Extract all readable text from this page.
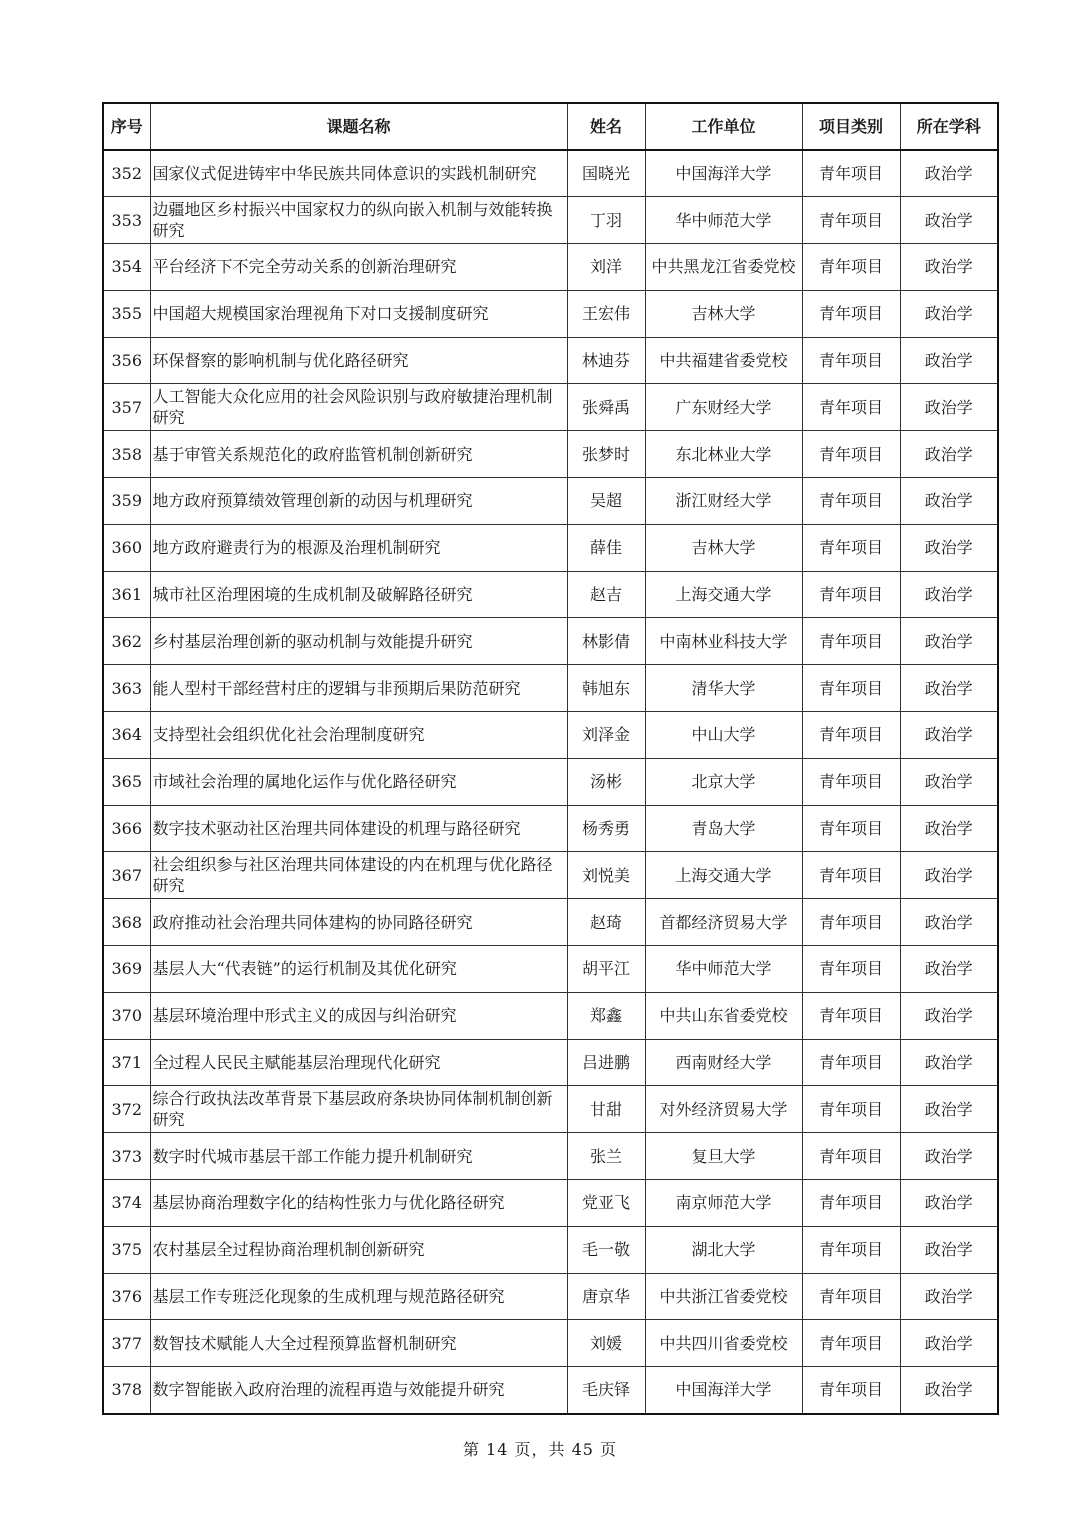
序号	课题名称	姓名	工作单位	项目类别	所在学科
352	国家仪式促进铸牢中华民族共同体意识的实践机制研究	国晓光	中国海洋大学	青年项目	政治学
353	边疆地区乡村振兴中国家权力的纵向嵌入机制与效能转换研究	丁羽	华中师范大学	青年项目	政治学
354	平台经济下不完全劳动关系的创新治理研究	刘洋	中共黑龙江省委党校	青年项目	政治学
355	中国超大规模国家治理视角下对口支援制度研究	王宏伟	吉林大学	青年项目	政治学
356	环保督察的影响机制与优化路径研究	林迪芬	中共福建省委党校	青年项目	政治学
357	人工智能大众化应用的社会风险识别与政府敏捷治理机制研究	张舜禹	广东财经大学	青年项目	政治学
358	基于审管关系规范化的政府监管机制创新研究	张梦时	东北林业大学	青年项目	政治学
359	地方政府预算绩效管理创新的动因与机理研究	吴超	浙江财经大学	青年项目	政治学
360	地方政府避责行为的根源及治理机制研究	薛佳	吉林大学	青年项目	政治学
361	城市社区治理困境的生成机制及破解路径研究	赵吉	上海交通大学	青年项目	政治学
362	乡村基层治理创新的驱动机制与效能提升研究	林影倩	中南林业科技大学	青年项目	政治学
363	能人型村干部经营村庄的逻辑与非预期后果防范研究	韩旭东	清华大学	青年项目	政治学
364	支持型社会组织优化社会治理制度研究	刘泽金	中山大学	青年项目	政治学
365	市域社会治理的属地化运作与优化路径研究	汤彬	北京大学	青年项目	政治学
366	数字技术驱动社区治理共同体建设的机理与路径研究	杨秀勇	青岛大学	青年项目	政治学
367	社会组织参与社区治理共同体建设的内在机理与优化路径研究	刘悦美	上海交通大学	青年项目	政治学
368	政府推动社会治理共同体建构的协同路径研究	赵琦	首都经济贸易大学	青年项目	政治学
369	基层人大“代表链”的运行机制及其优化研究	胡平江	华中师范大学	青年项目	政治学
370	基层环境治理中形式主义的成因与纠治研究	郑鑫	中共山东省委党校	青年项目	政治学
371	全过程人民民主赋能基层治理现代化研究	吕进鹏	西南财经大学	青年项目	政治学
372	综合行政执法改革背景下基层政府条块协同体制机制创新研究	甘甜	对外经济贸易大学	青年项目	政治学
373	数字时代城市基层干部工作能力提升机制研究	张兰	复旦大学	青年项目	政治学
374	基层协商治理数字化的结构性张力与优化路径研究	党亚飞	南京师范大学	青年项目	政治学
375	农村基层全过程协商治理机制创新研究	毛一敬	湖北大学	青年项目	政治学
376	基层工作专班泛化现象的生成机理与规范路径研究	唐京华	中共浙江省委党校	青年项目	政治学
377	数智技术赋能人大全过程预算监督机制研究	刘媛	中共四川省委党校	青年项目	政治学
378	数字智能嵌入政府治理的流程再造与效能提升研究	毛庆铎	中国海洋大学	青年项目	政治学
第 14 页，共 45 页
